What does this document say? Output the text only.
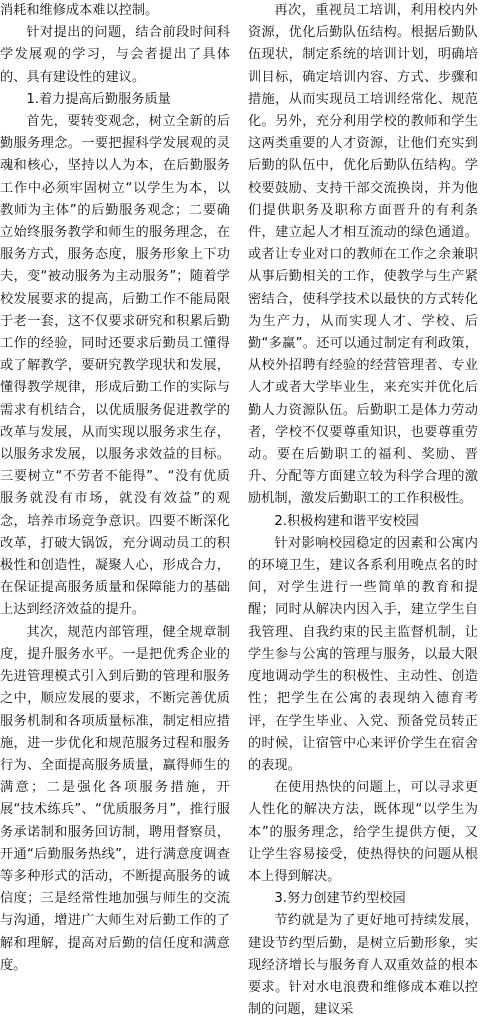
消耗和维修成本难以控制。

针对提出的问题，结合前段时间科学发展观的学习，与会者提出了具体的、具有建设性的建议。

1.着力提高后勤服务质量

首先，要转变观念，树立全新的后勤服务理念。一要把握科学发展观的灵魂和核心，坚持以人为本，在后勤服务工作中必须牢固树立“以学生为本，以教师为主体”的后勤服务观念；二要确立始终服务教学和师生的服务理念，在服务方式，服务态度，服务形象上下功夫，变“被动服务为主动服务”；随着学校发展要求的提高，后勤工作不能局限于老一套，这不仅要求研究和积累后勤工作的经验，同时还要求后勤员工懂得或了解教学，要研究教学现状和发展，懂得教学规律，形成后勤工作的实际与需求有机结合，以优质服务促进教学的改革与发展，从而实现以服务求生存，以服务求发展，以服务求效益的目标。三要树立“不劳者不能得”、“没有优质服务就没有市场，就没有效益”的观念，培养市场竞争意识。四要不断深化改革，打破大锅饭，充分调动员工的积极性和创造性，凝聚人心，形成合力，在保证提高服务质量和保障能力的基础上达到经济效益的提升。

其次，规范内部管理，健全规章制度，提升服务水平。一是把优秀企业的先进管理模式引入到后勤的管理和服务之中，顺应发展的要求，不断完善优质服务机制和各项质量标准，制定相应措施，进一步优化和规范服务过程和服务行为、全面提高服务质量，赢得师生的满意；二是强化各项服务措施，开展“技术练兵”、“优质服务月”，推行服务承诺制和服务回访制，聘用督察员，开通“后勤服务热线”，进行满意度调查等多种形式的活动，不断提高服务的诚信度；三是经常性地加强与师生的交流与沟通，增进广大师生对后勤工作的了解和理解，提高对后勤的信任度和满意度。

再次，重视员工培训，利用校内外资源，优化后勤队伍结构。根据后勤队伍现状，制定系统的培训计划，明确培训目标，确定培训内容、方式、步骤和措施，从而实现员工培训经常化、规范化。另外，充分利用学校的教师和学生这两类重要的人才资源，让他们充实到后勤的队伍中，优化后勤队伍结构。学校要鼓励、支持干部交流换岗，并为他们提供职务及职称方面晋升的有利条件，建立起人才相互流动的绿色通道。或者让专业对口的教师在工作之余兼职从事后勤相关的工作，使教学与生产紧密结合，使科学技术以最快的方式转化为生产力，从而实现人才、学校、后勤“多赢”。还可以通过制定有利政策，从校外招聘有经验的经营管理者、专业人才或者大学毕业生，来充实并优化后勤人力资源队伍。后勤职工是体力劳动者，学校不仅要尊重知识，也要尊重劳动。要在后勤职工的福利、奖励、晋升、分配等方面建立较为科学合理的激励机制，激发后勤职工的工作积极性。

2.积极构建和谐平安校园

针对影响校园稳定的因素和公寓内的环境卫生，建议各系利用晚点名的时间，对学生进行一些简单的教育和提醒；同时从解决内因入手，建立学生自我管理、自我约束的民主监督机制，让学生参与公寓的管理与服务，以最大限度地调动学生的积极性、主动性、创造性；把学生在公寓的表现纳入德育考评，在学生毕业、入党、预备党员转正的时候，让宿管中心来评价学生在宿舍的表现。

在使用热快的问题上，可以寻求更人性化的解决方法，既体现“以学生为本”的服务理念，给学生提供方便，又让学生容易接受，使热得快的问题从根本上得到解决。

3.努力创建节约型校园

节约就是为了更好地可持续发展，建设节约型后勤，是树立后勤形象，实现经济增长与服务育人双重效益的根本要求。针对水电浪费和维修成本难以控制的问题，建议采
